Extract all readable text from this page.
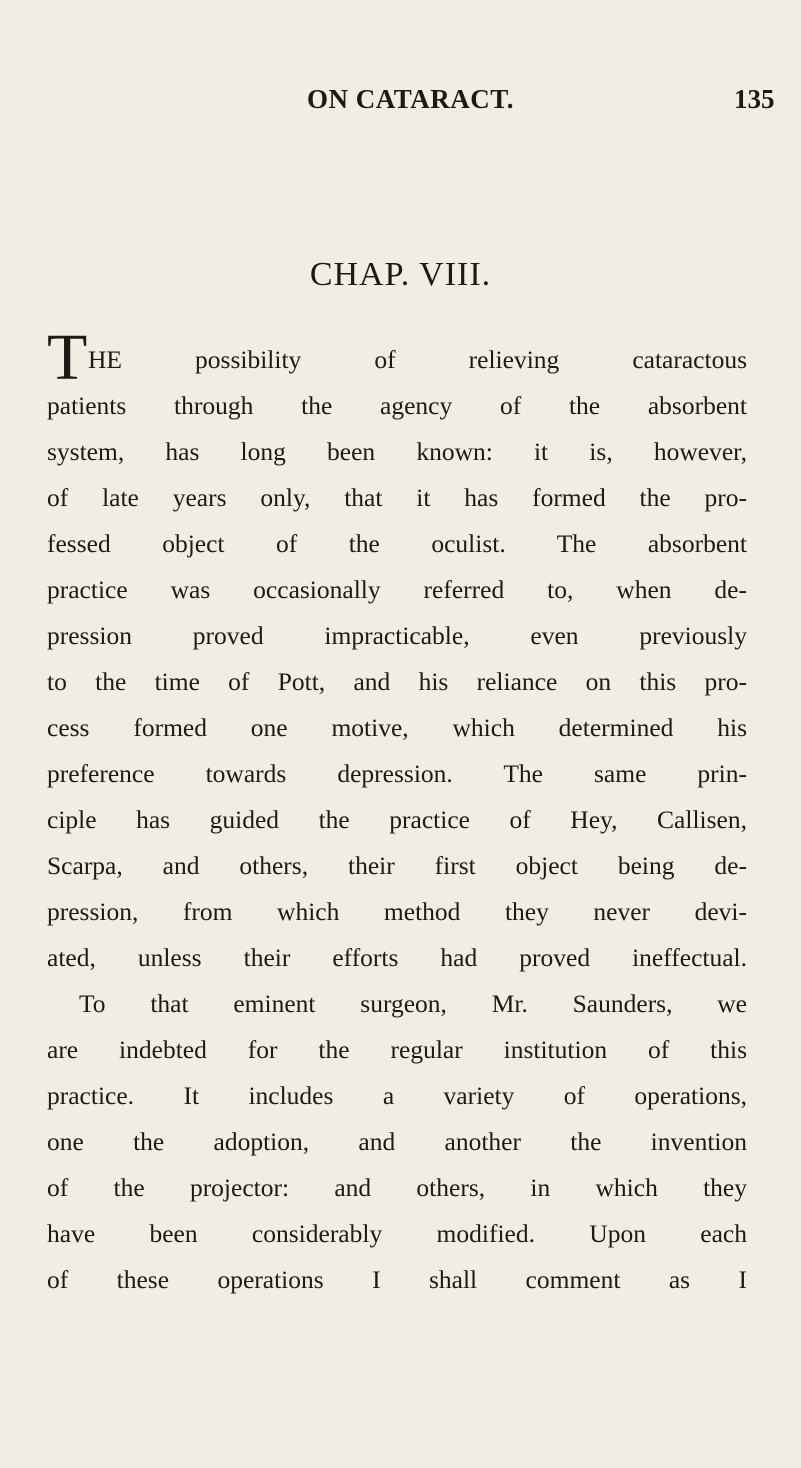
ON CATARACT.	135
CHAP. VIII.
T HE possibility of relieving cataractous
patients through the agency of the absorbent
system, has long been known: it is, however,
of late years only, that it has formed the pro-
fessed object of the oculist. The absorbent
practice was occasionally referred to, when de-
pression proved impracticable, even previously
to the time of Pott, and his reliance on this pro-
cess formed one motive, which determined his
preference towards depression. The same prin-
ciple has guided the practice of Hey, Callisen,
Scarpa, and others, their first object being de-
pression, from which method they never devi-
ated, unless their efforts had proved ineffectual.
To that eminent surgeon, Mr. Saunders, we
are indebted for the regular institution of this
practice. It includes a variety of operations,
one the adoption, and another the invention
of the projector: and others, in which they
have been considerably modified. Upon each
of these operations I shall comment as I
